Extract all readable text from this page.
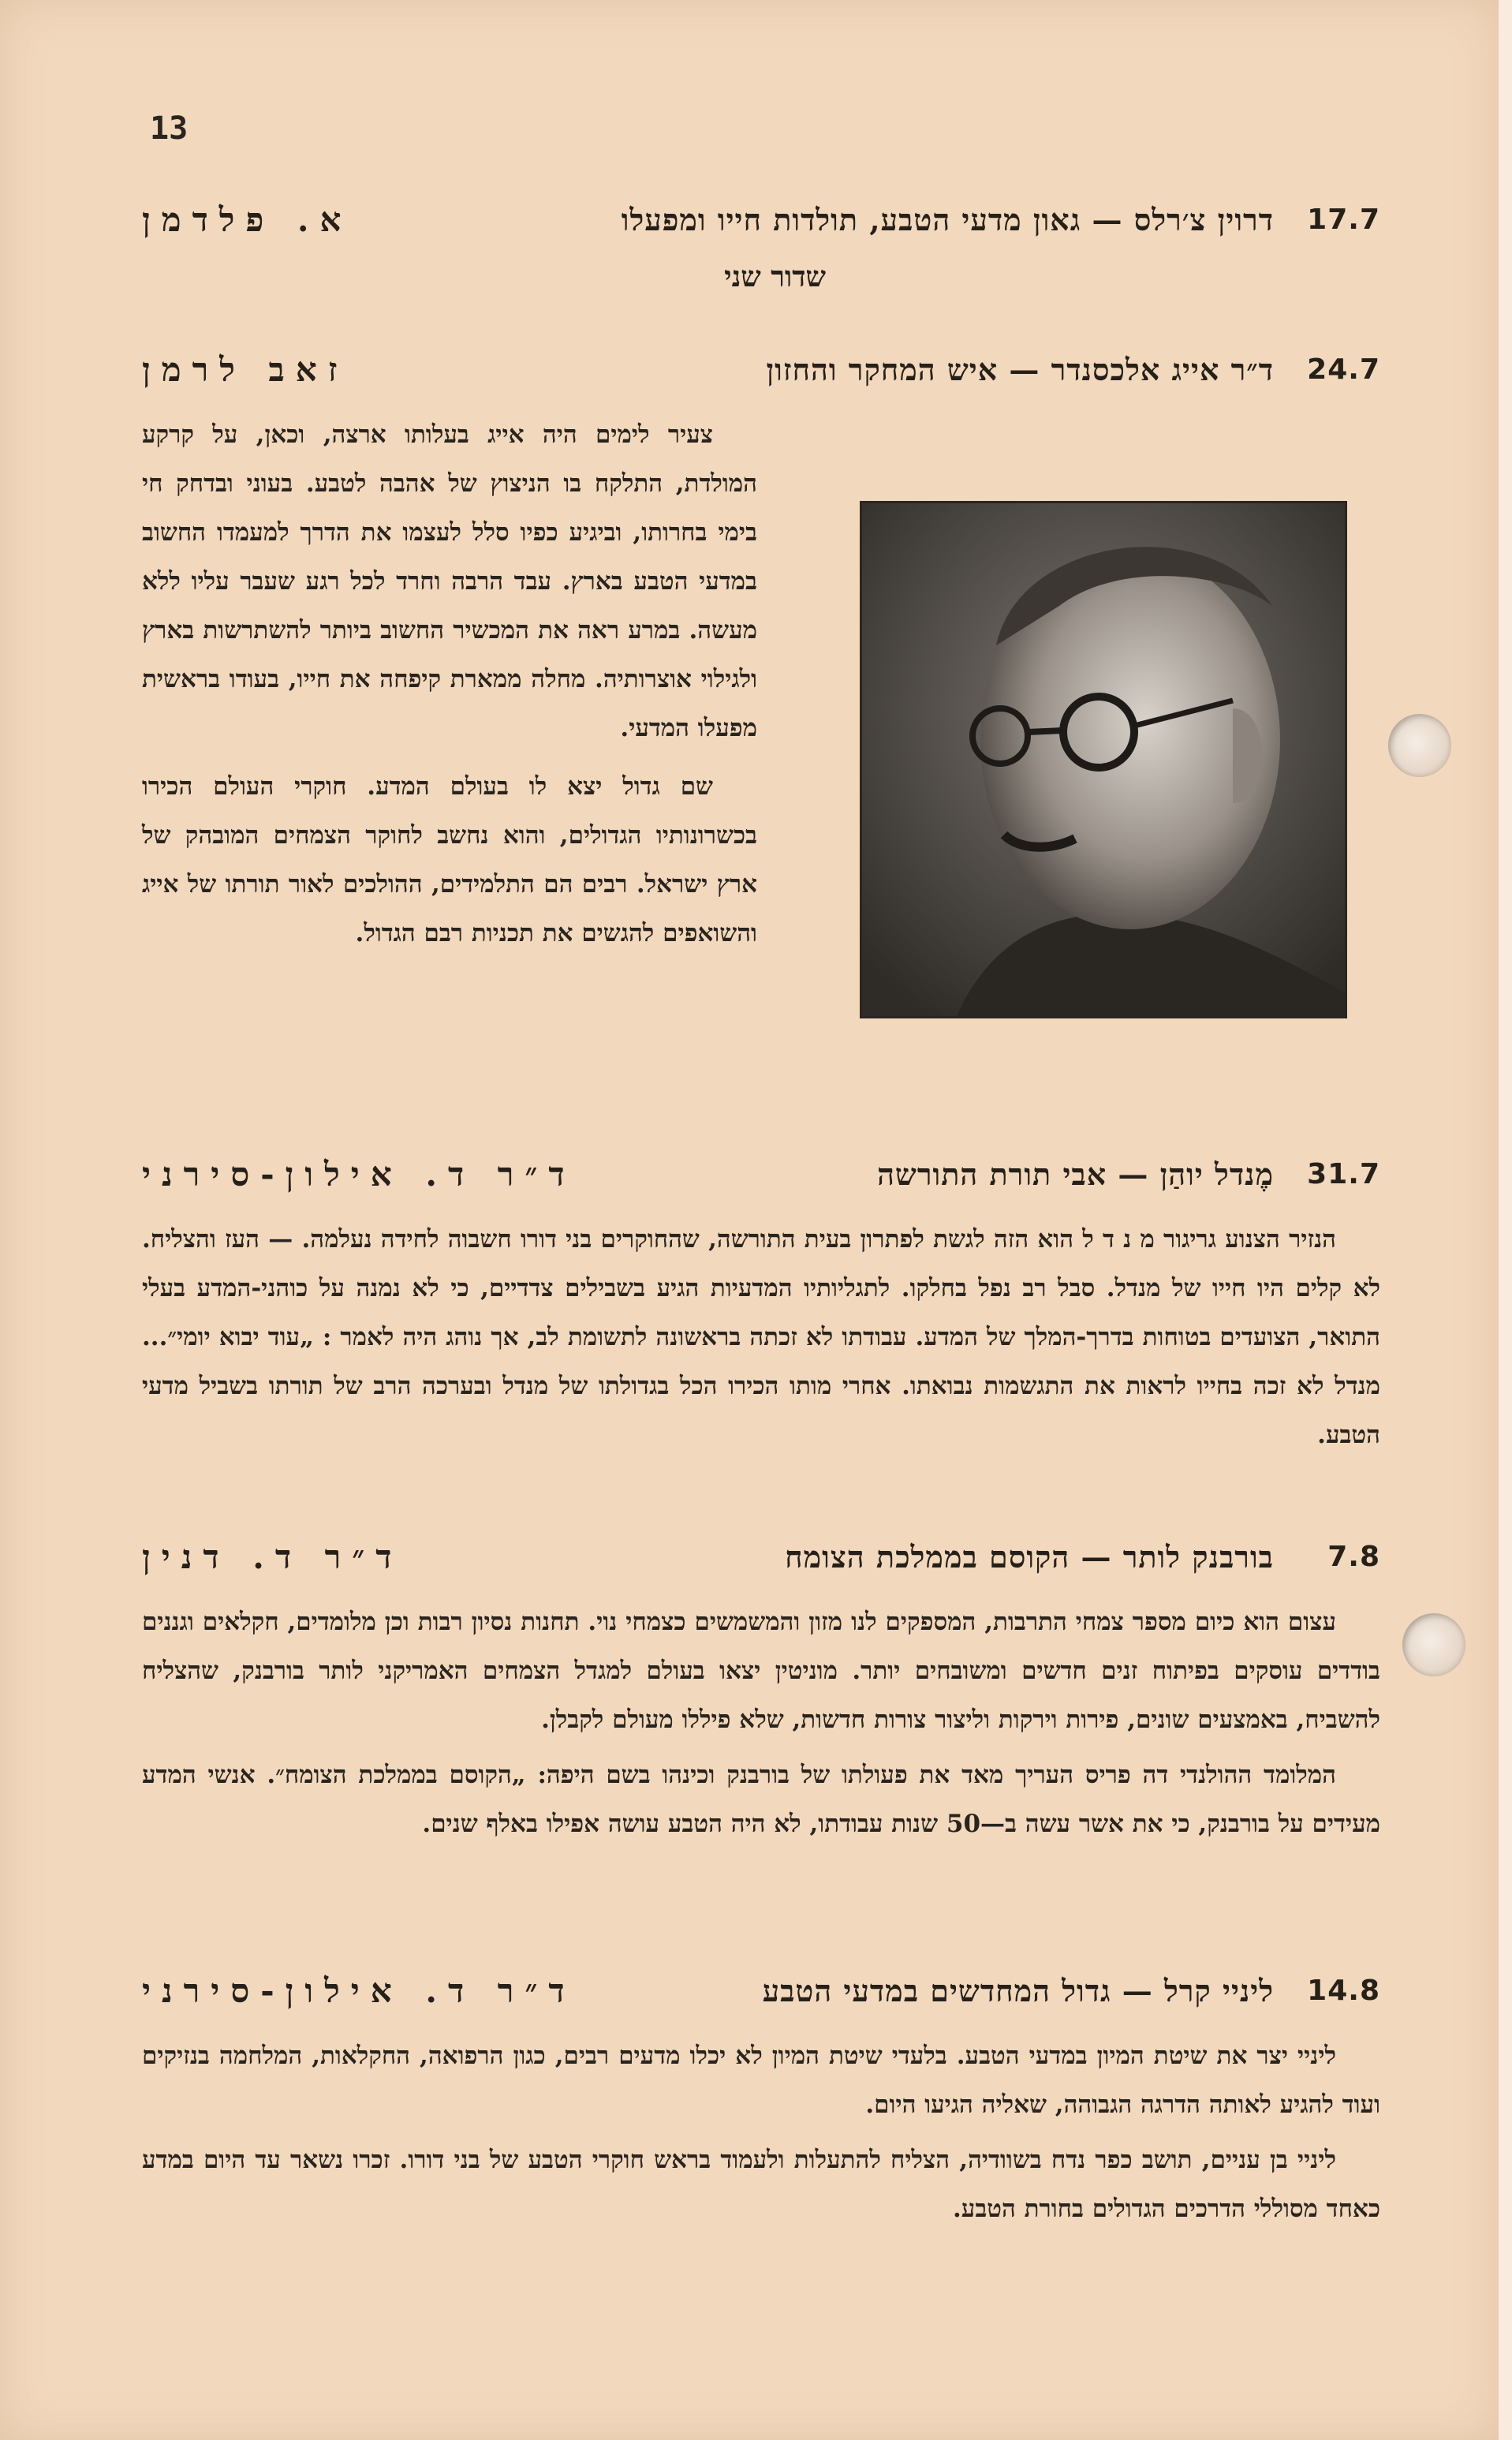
13
17.7
דרוין צ׳רלס — גאון מדעי הטבע, תולדות חייו ומפעלו
א. פלדמן
שדור שני
24.7
ד״ר אייג אלכסנדר — איש המחקר והחזון
זאב לרמן

צעיר לימים היה אייג בעלותו ארצה, וכאן, על קרקע המולדת, התלקח בו הניצוץ של אהבה לטבע. בעוני ובדחק חי בימי בחרותו, וביגיע כפיו סלל לעצמו את הדרך למעמדו החשוב במדעי הטבע בארץ. עבד הרבה וחרד לכל רגע שעבר עליו ללא מעשה. במרע ראה את המכשיר החשוב ביותר להשתרשות בארץ ולגילוי אוצרותיה. מחלה ממארת קיפחה את חייו, בעודו בראשית מפעלו המדעי.

שם גדול יצא לו בעולם המדע. חוקרי העולם הכירו בכשרונותיו הגדולים, והוא נחשב לחוקר הצמחים המובהק של ארץ ישראל. רבים הם התלמידים, ההולכים לאור תורתו של אייג והשואפים להגשים את תכניות רבם הגדול.

31.7
מֶנדל יוהַן — אבי תורת התורשה
ד״ר ד. אילון-סירני

הנזיר הצנוע גריגור מ נ ד ל הוא הזה לגשת לפתרון בעית התורשה, שהחוקרים בני דורו חשבוה לחידה נעלמה. — העז והצליח. לא קלים היו חייו של מנדל. סבל רב נפל בחלקו. לתגליותיו המדעיות הגיע בשבילים צדדיים, כי לא נמנה על כוהני-המדע בעלי התואר, הצועדים בטוחות בדרך-המלך של המדע. עבודתו לא זכתה בראשונה לתשומת לב, אך נוהג היה לאמר : „עוד יבוא יומי״... מנדל לא זכה בחייו לראות את התגשמות נבואתו. אחרי מותו הכירו הכל בגדולתו של מנדל ובערכה הרב של תורתו בשביל מדעי הטבע.

7.8
בורבנק לותר — הקוסם בממלכת הצומח
ד״ר ד. דנין

עצום הוא כיום מספר צמחי התרבות, המספקים לנו מזון והמשמשים כצמחי נוי. תחנות נסיון רבות וכן מלומדים, חקלאים וגננים בודדים עוסקים בפיתוח זנים חדשים ומשובחים יותר. מוניטין יצאו בעולם למגדל הצמחים האמריקני לותר בורבנק, שהצליח להשביח, באמצעים שונים, פירות וירקות וליצור צורות חדשות, שלא פיללו מעולם לקבלן.

המלומד ההולנדי דה פריס העריך מאד את פעולתו של בורבנק וכינהו בשם היפה: „הקוסם בממלכת הצומח״. אנשי המדע מעידים על בורבנק, כי את אשר עשה ב—50 שנות עבודתו, לא היה הטבע עושה אפילו באלף שנים.

14.8
ליניי קרל — גדול המחדשים במדעי הטבע
ד״ר ד. אילון-סירני

ליניי יצר את שיטת המיון במדעי הטבע. בלעדי שיטת המיון לא יכלו מדעים רבים, כגון הרפואה, החקלאות, המלחמה בנזיקים ועוד להגיע לאותה הדרגה הגבוהה, שאליה הגיעו היום.

ליניי בן עניים, תושב כפר נדח בשוודיה, הצליח להתעלות ולעמוד בראש חוקרי הטבע של בני דורו. זכרו נשאר עד היום במדע כאחד מסוללי הדרכים הגדולים בחורת הטבע.
